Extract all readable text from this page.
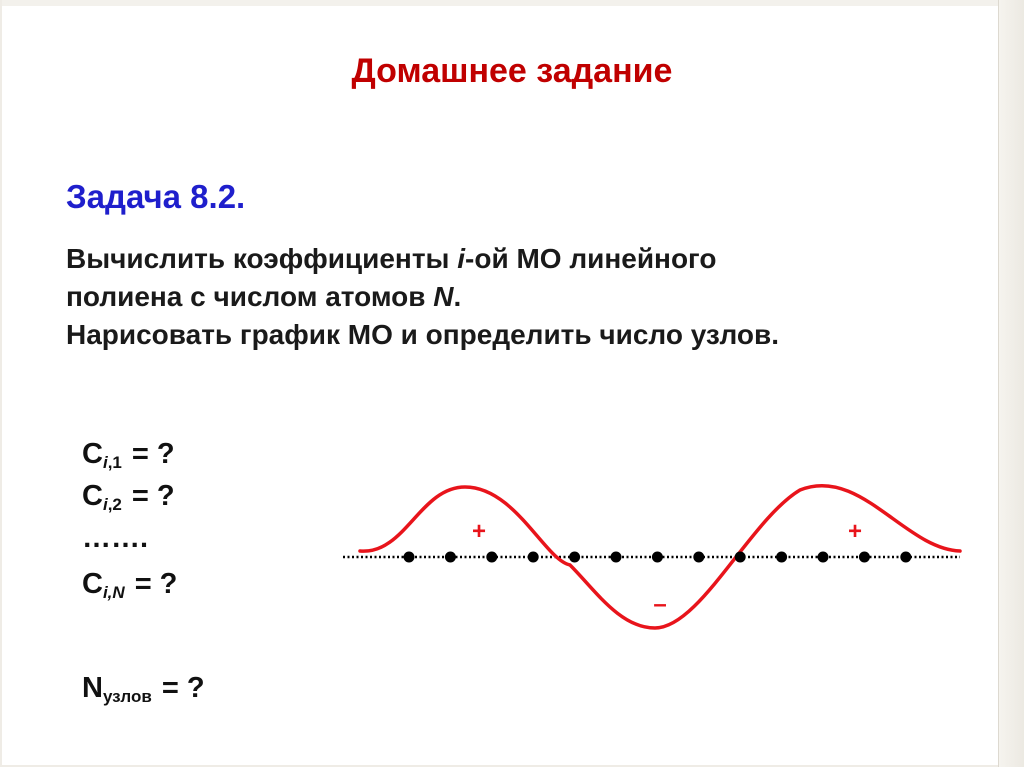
Домашнее задание
Задача 8.2.
Вычислить коэффициенты i-ой МО линейного
полиена с числом атомов N.
Нарисовать график МО и определить число узлов.
$C_{i,1}$ = ?
$C_{i,2}$ = ?
…….
$C_{i,N}$ = ?
$N_{узлов}$ = ?
+
–
+
